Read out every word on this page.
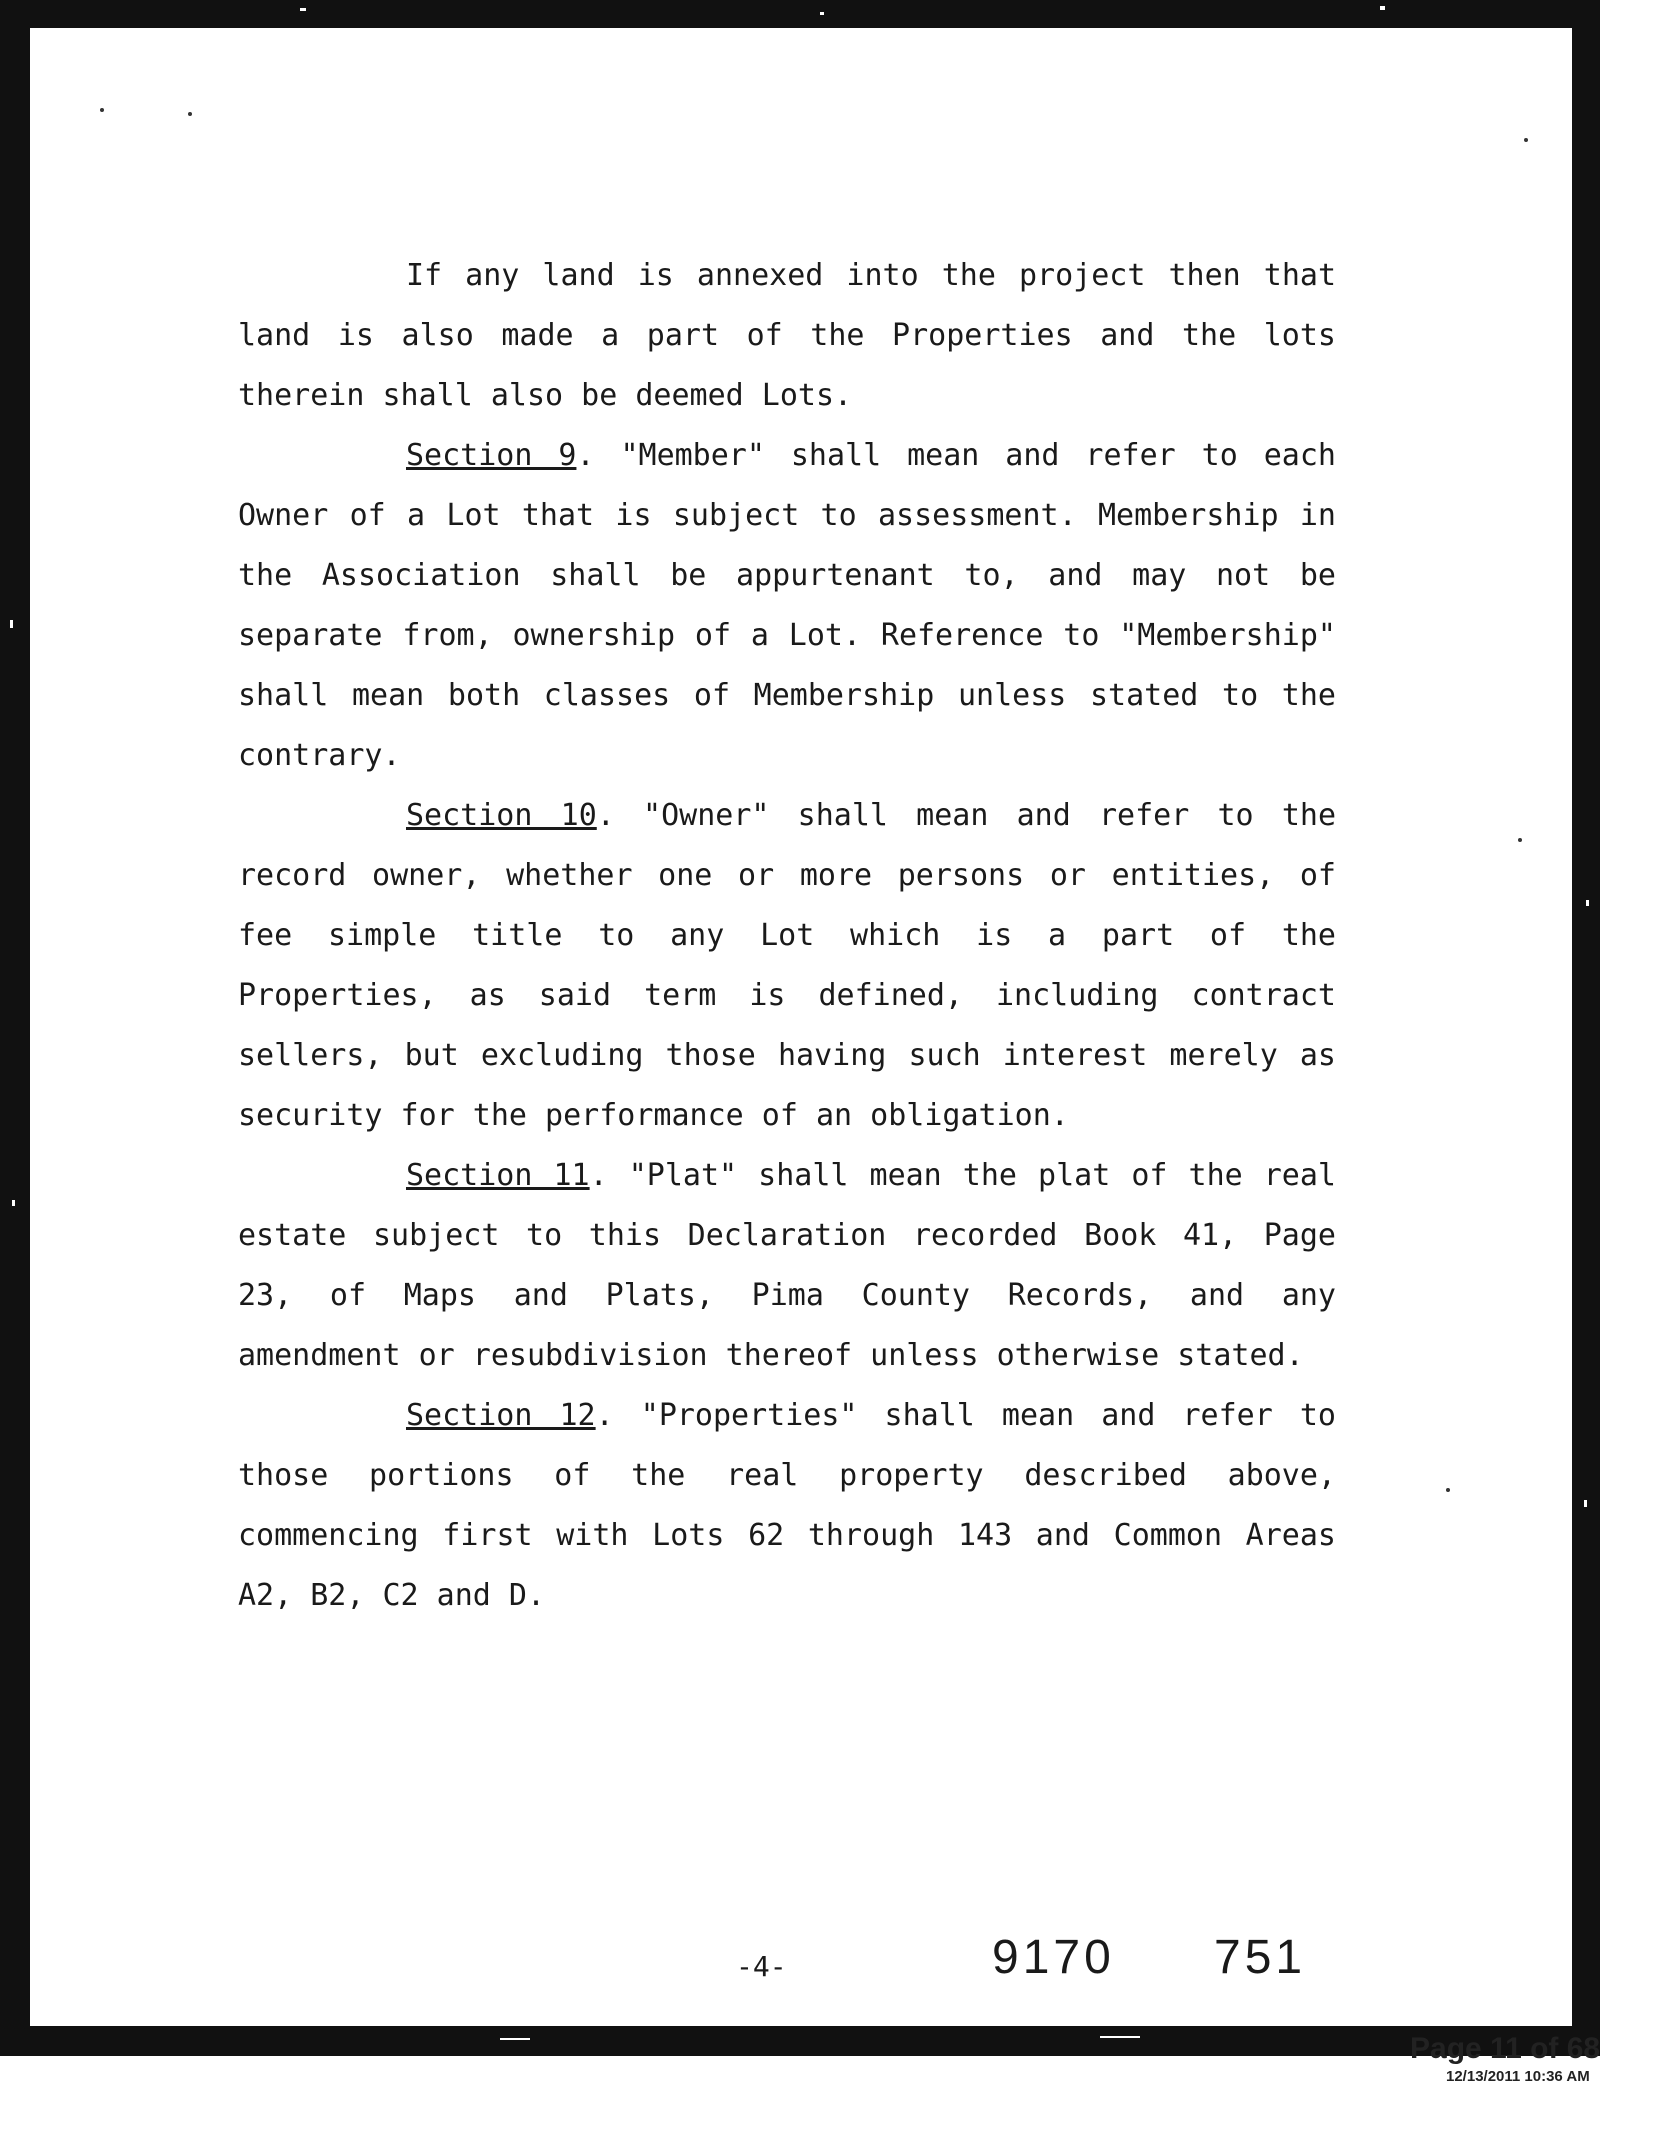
If any land is annexed into the project then that land is also made a part of the Properties and the lots therein shall also be deemed Lots.

Section 9. "Member" shall mean and refer to each Owner of a Lot that is subject to assessment. Membership in the Association shall be appurtenant to, and may not be separate from, ownership of a Lot. Reference to "Membership" shall mean both classes of Membership unless stated to the contrary.

Section 10. "Owner" shall mean and refer to the record owner, whether one or more persons or entities, of fee simple title to any Lot which is a part of the Properties, as said term is defined, including contract sellers, but excluding those having such interest merely as security for the performance of an obligation.

Section 11. "Plat" shall mean the plat of the real estate subject to this Declaration recorded Book 41, Page 23, of Maps and Plats, Pima County Records, and any amendment or resubdivision thereof unless otherwise stated.

Section 12. "Properties" shall mean and refer to those portions of the real property described above, commencing first with Lots 62 through 143 and Common Areas A2, B2, C2 and D.

-4-	9170 751
Page 11 of 68
12/13/2011 10:36 AM
